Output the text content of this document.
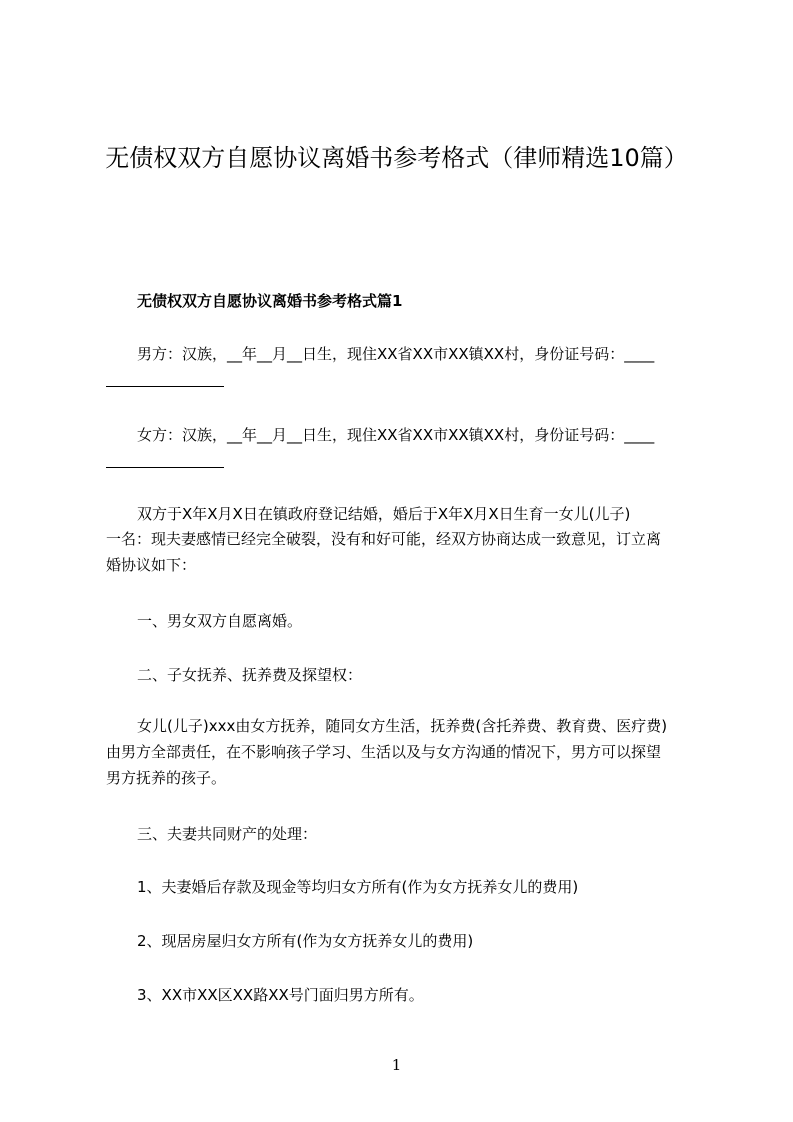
无债权双方自愿协议离婚书参考格式（律师精选10篇）
无债权双方自愿协议离婚书参考格式篇1
男方：汉族，__年__月__日生，现住XX省XX市XX镇XX村，身份证号码：____
女方：汉族，__年__月__日生，现住XX省XX市XX镇XX村，身份证号码：____
双方于X年X月X日在镇政府登记结婚，婚后于X年X月X日生育一女儿(儿子)
一名：现夫妻感情已经完全破裂，没有和好可能，经双方协商达成一致意见，订立离
婚协议如下：
一、男女双方自愿离婚。
二、子女抚养、抚养费及探望权：
女儿(儿子)xxx由女方抚养，随同女方生活，抚养费(含托养费、教育费、医疗费)
由男方全部责任，在不影响孩子学习、生活以及与女方沟通的情况下，男方可以探望
男方抚养的孩子。
三、夫妻共同财产的处理：
1、夫妻婚后存款及现金等均归女方所有(作为女方抚养女儿的费用)
2、现居房屋归女方所有(作为女方抚养女儿的费用)
3、XX市XX区XX路XX号门面归男方所有。
1
